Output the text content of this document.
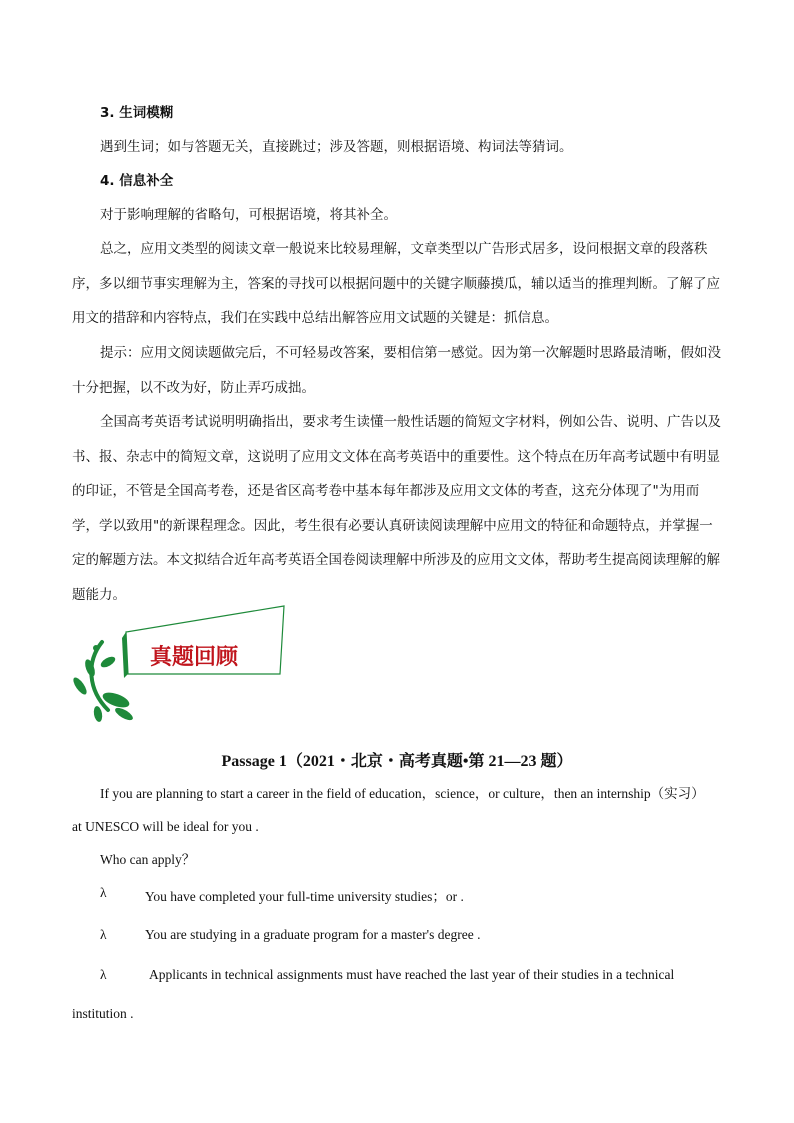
3. 生词模糊

遇到生词；如与答题无关，直接跳过；涉及答题，则根据语境、构词法等猜词。

4. 信息补全

对于影响理解的省略句，可根据语境，将其补全。

总之，应用文类型的阅读文章一般说来比较易理解，文章类型以广告形式居多，设问根据文章的段落秩序，多以细节事实理解为主，答案的寻找可以根据问题中的关键字顺藤摸瓜，辅以适当的推理判断。了解了应用文的措辞和内容特点，我们在实践中总结出解答应用文试题的关键是：抓信息。

提示：应用文阅读题做完后，不可轻易改答案，要相信第一感觉。因为第一次解题时思路最清晰，假如没十分把握，以不改为好，防止弄巧成拙。

全国高考英语考试说明明确指出，要求考生读懂一般性话题的简短文字材料，例如公告、说明、广告以及书、报、杂志中的简短文章，这说明了应用文文体在高考英语中的重要性。这个特点在历年高考试题中有明显的印证，不管是全国高考卷，还是省区高考卷中基本每年都涉及应用文文体的考查，这充分体现了"为用而学，学以致用"的新课程理念。因此，考生很有必要认真研读阅读理解中应用文的特征和命题特点，并掌握一定的解题方法。本文拟结合近年高考英语全国卷阅读理解中所涉及的应用文文体，帮助考生提高阅读理解的解题能力。

真题回顾
Passage 1（2021・北京・高考真题•第 21—23 题）

If you are planning to start a career in the field of education，science，or culture，then an internship（实习）

at UNESCO will be ideal for you .

Who can apply？

λ	You have completed your full-time university studies；or .
λ	You are studying in a graduate program for a master's degree .
λ	Applicants in technical assignments must have reached the last year of their studies in a technical

institution .
